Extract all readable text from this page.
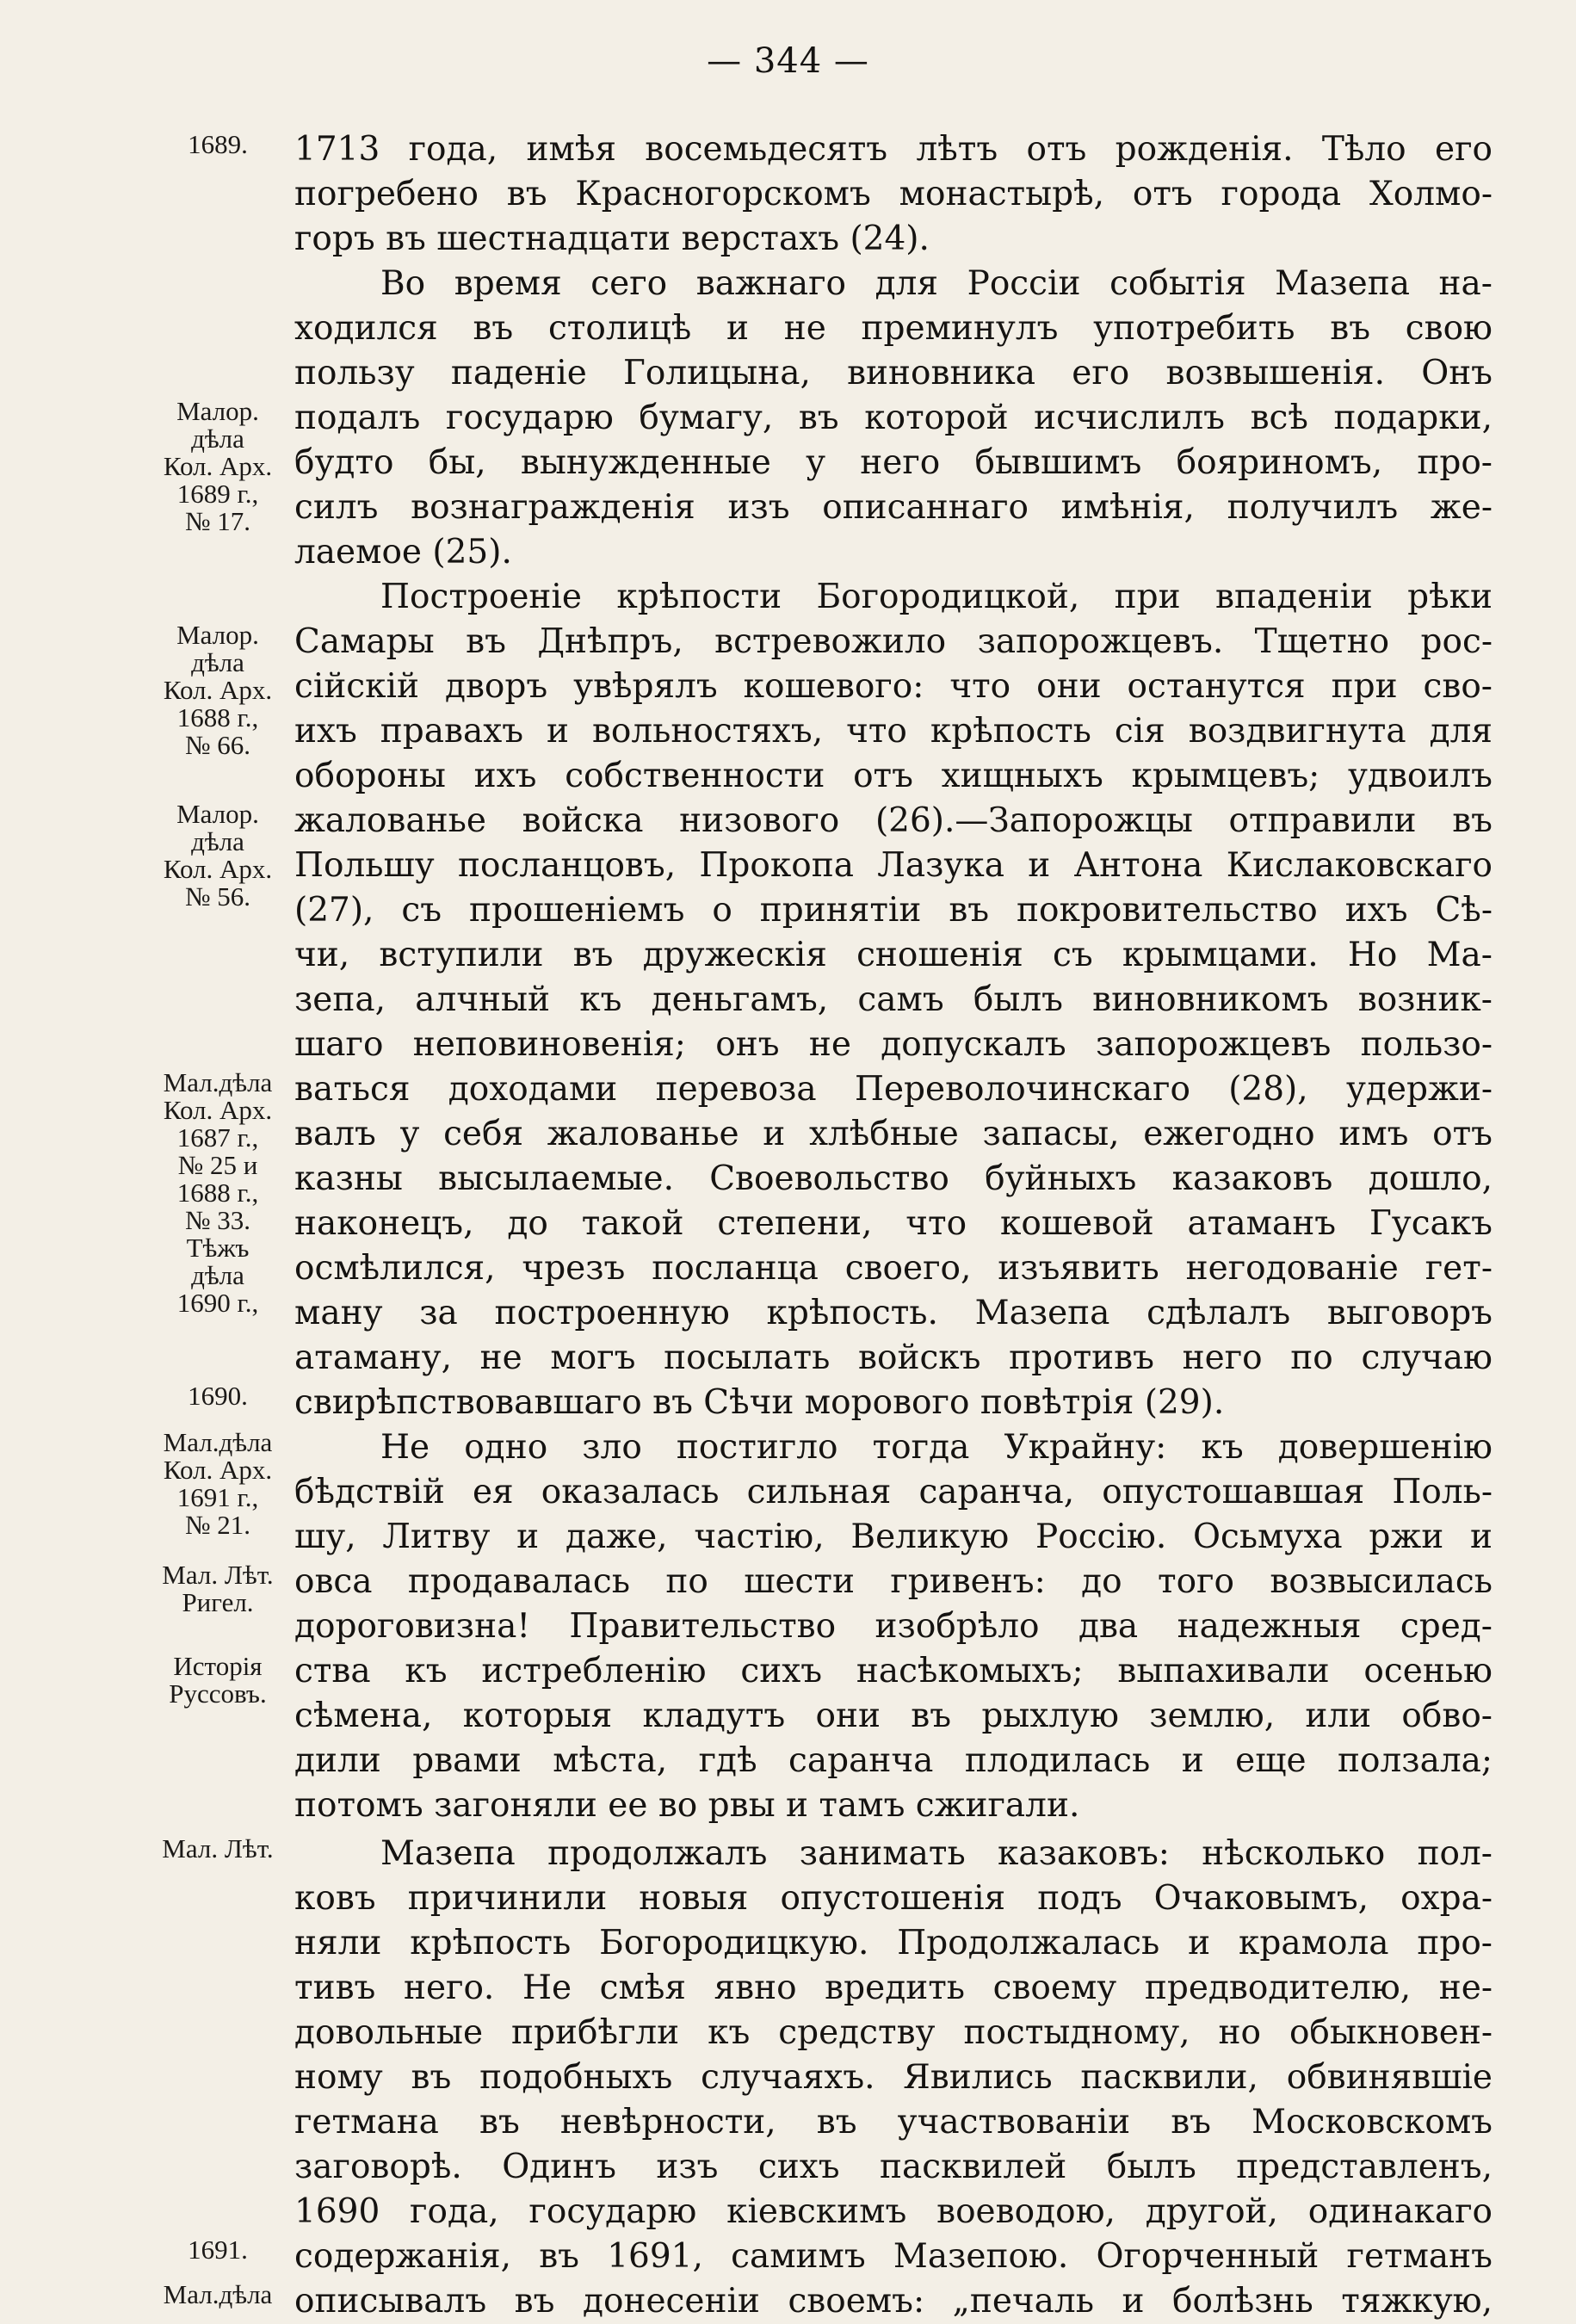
— 344 —
1689.
Малор.
дѣла
Кол. Арх.
1689 г.,
№ 17.
Малор.
дѣла
Кол. Арх.
1688 г.,
№ 66.
Малор.
дѣла
Кол. Арх.
№ 56.
Мал.дѣла
Кол. Арх.
1687 г.,
№ 25 и
1688 г.,
№ 33.
Тѣжъ
дѣла
1690 г.,
1690.
Мал.дѣла
Кол. Арх.
1691 г.,
№ 21.
Мал. Лѣт.
Ригел.
Исторія
Руссовъ.
Мал. Лѣт.
1691.
Мал.дѣла
1713 года, имѣя восемьдесятъ лѣтъ отъ рожденія. Тѣло его
погребено въ Красногорскомъ монастырѣ, отъ города Холмо-
горъ въ шестнадцати верстахъ (24).
Во время сего важнаго для Россіи событія Мазепа на-
ходился въ столицѣ и не преминулъ употребить въ свою
пользу паденіе Голицына, виновника его возвышенія. Онъ
подалъ государю бумагу, въ которой исчислилъ всѣ подарки,
будто бы, вынужденные у него бывшимъ бояриномъ, про-
силъ вознагражденія изъ описаннаго имѣнія, получилъ же-
лаемое (25).
Построеніе крѣпости Богородицкой, при впаденіи рѣки
Самары въ Днѣпръ, встревожило запорожцевъ. Тщетно рос-
сійскій дворъ увѣрялъ кошевого: что они останутся при сво-
ихъ правахъ и вольностяхъ, что крѣпость сія воздвигнута для
обороны ихъ собственности отъ хищныхъ крымцевъ; удвоилъ
жалованье войска низового (26).—Запорожцы отправили въ
Польшу посланцовъ, Прокопа Лазука и Антона Кислаковскаго
(27), съ прошеніемъ о принятіи въ покровительство ихъ Сѣ-
чи, вступили въ дружескія сношенія съ крымцами. Но Ма-
зепа, алчный къ деньгамъ, самъ былъ виновникомъ возник-
шаго неповиновенія; онъ не допускалъ запорожцевъ пользо-
ваться доходами перевоза Переволочинскаго (28), удержи-
валъ у себя жалованье и хлѣбные запасы, ежегодно имъ отъ
казны высылаемые. Своевольство буйныхъ казаковъ дошло,
наконецъ, до такой степени, что кошевой атаманъ Гусакъ
осмѣлился, чрезъ посланца своего, изъявить негодованіе гет-
ману за построенную крѣпость. Мазепа сдѣлалъ выговоръ
атаману, не могъ посылать войскъ противъ него по случаю
свирѣпствовавшаго въ Сѣчи морового повѣтрія (29).
Не одно зло постигло тогда Украйну: къ довершенію
бѣдствій ея оказалась сильная саранча, опустошавшая Поль-
шу, Литву и даже, частію, Великую Россію. Осьмуха ржи и
овса продавалась по шести гривенъ: до того возвысилась
дороговизна! Правительство изобрѣло два надежныя сред-
ства къ истребленію сихъ насѣкомыхъ; выпахивали осенью
сѣмена, которыя кладутъ они въ рыхлую землю, или обво-
дили рвами мѣста, гдѣ саранча плодилась и еще ползала;
потомъ загоняли ее во рвы и тамъ сжигали.
Мазепа продолжалъ занимать казаковъ: нѣсколько пол-
ковъ причинили новыя опустошенія подъ Очаковымъ, охра-
няли крѣпость Богородицкую. Продолжалась и крамола про-
тивъ него. Не смѣя явно вредить своему предводителю, не-
довольные прибѣгли къ средству постыдному, но обыкновен-
ному въ подобныхъ случаяхъ. Явились пасквили, обвинявшіе
гетмана въ невѣрности, въ участвованіи въ Московскомъ
заговорѣ. Одинъ изъ сихъ пасквилей былъ представленъ,
1690 года, государю кіевскимъ воеводою, другой, одинакаго
содержанія, въ 1691, самимъ Мазепою. Огорченный гетманъ
описывалъ въ донесеніи своемъ: „печаль и болѣзнь тяжкую,
